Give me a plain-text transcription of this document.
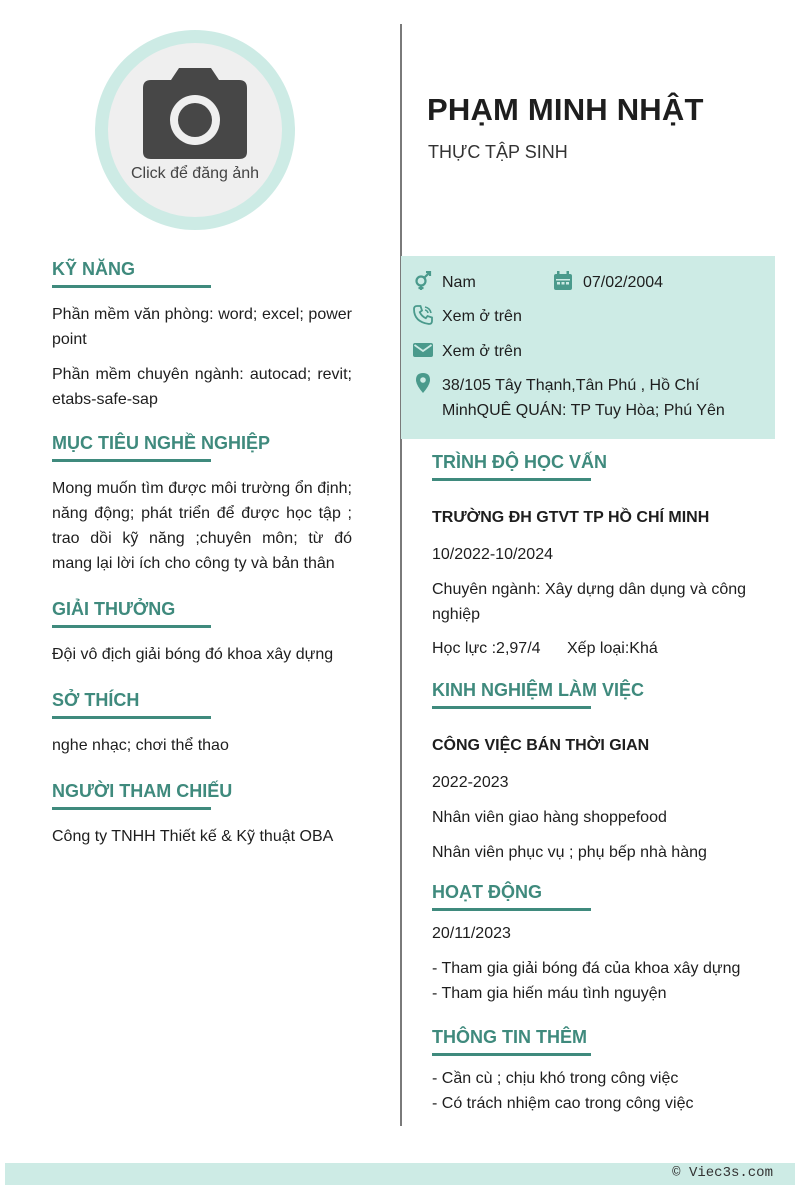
Click để đăng ảnh
PHẠM MINH NHẬT
THỰC TẬP SINH
Nam	07/02/2004
Xem ở trên
Xem ở trên
38/105 Tây Thạnh,Tân Phú , Hồ Chí
MinhQUÊ QUÁN: TP Tuy Hòa; Phú Yên
KỸ NĂNG
Phần mềm văn phòng: word; excel; power point
Phần mềm chuyên ngành: autocad; revit; etabs-safe-sap
MỤC TIÊU NGHỀ NGHIỆP
Mong muốn tìm được môi trường ổn định; năng động; phát triển để được học tập ; trao dồi kỹ năng ;chuyên môn; từ đó mang lại lời ích cho công ty và bản thân
GIẢI THƯỞNG
Đội vô địch giải bóng đó khoa xây dựng
SỞ THÍCH
nghe nhạc; chơi thể thao
NGƯỜI THAM CHIẾU
Công ty TNHH Thiết kế & Kỹ thuật OBA
TRÌNH ĐỘ HỌC VẤN
TRƯỜNG ĐH GTVT TP HỒ CHÍ MINH
10/2022-10/2024
Chuyên ngành: Xây dựng dân dụng và công nghiệp
Học lực :2,97/4 Xếp loại:Khá
KINH NGHIỆM LÀM VIỆC
CÔNG VIỆC BÁN THỜI GIAN
2022-2023
Nhân viên giao hàng shoppefood
Nhân viên phục vụ ; phụ bếp nhà hàng
HOẠT ĐỘNG
20/11/2023
- Tham gia giải bóng đá của khoa xây dựng
- Tham gia hiến máu tình nguyện
THÔNG TIN THÊM
- Cần cù ; chịu khó trong công việc
- Có trách nhiệm cao trong công việc
© Viec3s.com
